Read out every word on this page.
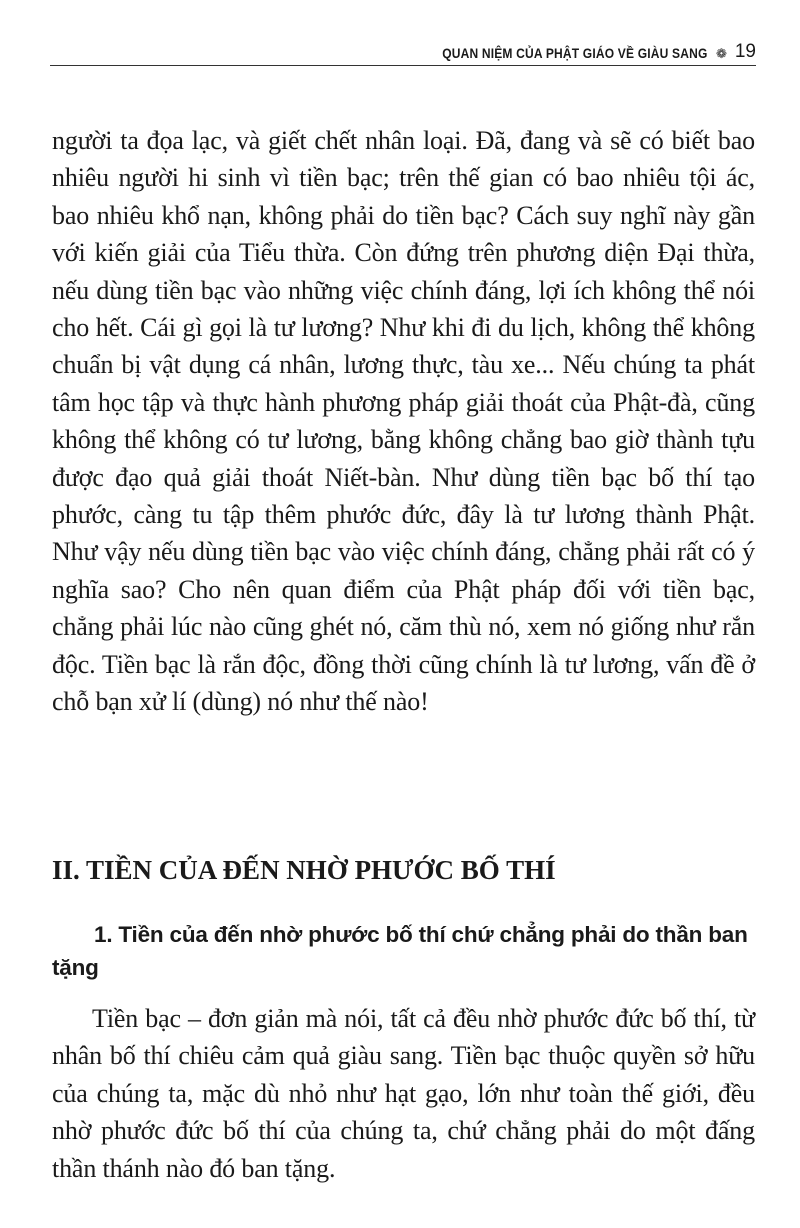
QUAN NIỆM CỦA PHẬT GIÁO VỀ GIÀU SANG ❁ 19

người ta đọa lạc, và giết chết nhân loại. Đã, đang và sẽ có biết bao nhiêu người hi sinh vì tiền bạc; trên thế gian có bao nhiêu tội ác, bao nhiêu khổ nạn, không phải do tiền bạc? Cách suy nghĩ này gần với kiến giải của Tiểu thừa. Còn đứng trên phương diện Đại thừa, nếu dùng tiền bạc vào những việc chính đáng, lợi ích không thể nói cho hết. Cái gì gọi là tư lương? Như khi đi du lịch, không thể không chuẩn bị vật dụng cá nhân, lương thực, tàu xe... Nếu chúng ta phát tâm học tập và thực hành phương pháp giải thoát của Phật-đà, cũng không thể không có tư lương, bằng không chẳng bao giờ thành tựu được đạo quả giải thoát Niết-bàn. Như dùng tiền bạc bố thí tạo phước, càng tu tập thêm phước đức, đây là tư lương thành Phật. Như vậy nếu dùng tiền bạc vào việc chính đáng, chẳng phải rất có ý nghĩa sao? Cho nên quan điểm của Phật pháp đối với tiền bạc, chẳng phải lúc nào cũng ghét nó, căm thù nó, xem nó giống như rắn độc. Tiền bạc là rắn độc, đồng thời cũng chính là tư lương, vấn đề ở chỗ bạn xử lí (dùng) nó như thế nào!

II. TIỀN CỦA ĐẾN NHỜ PHƯỚC BỐ THÍ
1. Tiền của đến nhờ phước bố thí chứ chẳng phải do thần ban tặng

Tiền bạc – đơn giản mà nói, tất cả đều nhờ phước đức bố thí, từ nhân bố thí chiêu cảm quả giàu sang. Tiền bạc thuộc quyền sở hữu của chúng ta, mặc dù nhỏ như hạt gạo, lớn như toàn thế giới, đều nhờ phước đức bố thí của chúng ta, chứ chẳng phải do một đấng thần thánh nào đó ban tặng.
